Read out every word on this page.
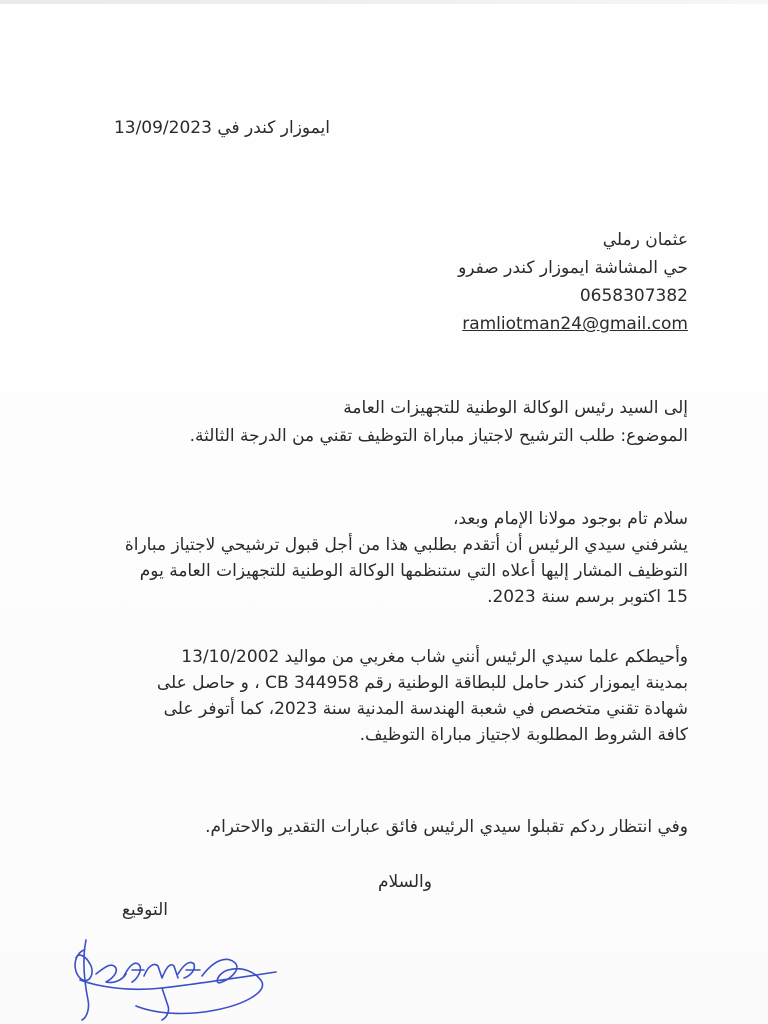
ايموزار كندر في 13/09/2023
عثمان رملي
حي المشاشة ايموزار كندر صفرو
0658307382
ramliotman24@gmail.com
إلى السيد رئيس الوكالة الوطنية للتجهيزات العامة
الموضوع: طلب الترشيح لاجتياز مباراة التوظيف تقني من الدرجة الثالثة.
سلام تام بوجود مولانا الإمام وبعد،
يشرفني سيدي الرئيس أن أتقدم بطلبي هذا من أجل قبول ترشيحي لاجتياز مباراة
التوظيف المشار إليها أعلاه التي ستنظمها الوكالة الوطنية للتجهيزات العامة يوم
15 اكتوبر برسم سنة 2023.
وأحيطكم علما سيدي الرئيس أنني شاب مغربي من مواليد 13/10/2002
بمدينة ايموزار كندر حامل للبطاقة الوطنية رقم CB 344958 ، و حاصل على
شهادة تقني متخصص في شعبة الهندسة المدنية سنة 2023، كما أتوفر على
كافة الشروط المطلوبة لاجتياز مباراة التوظيف.
وفي انتظار ردكم تقبلوا سيدي الرئيس فائق عبارات التقدير والاحترام.
والسلام
التوقيع
